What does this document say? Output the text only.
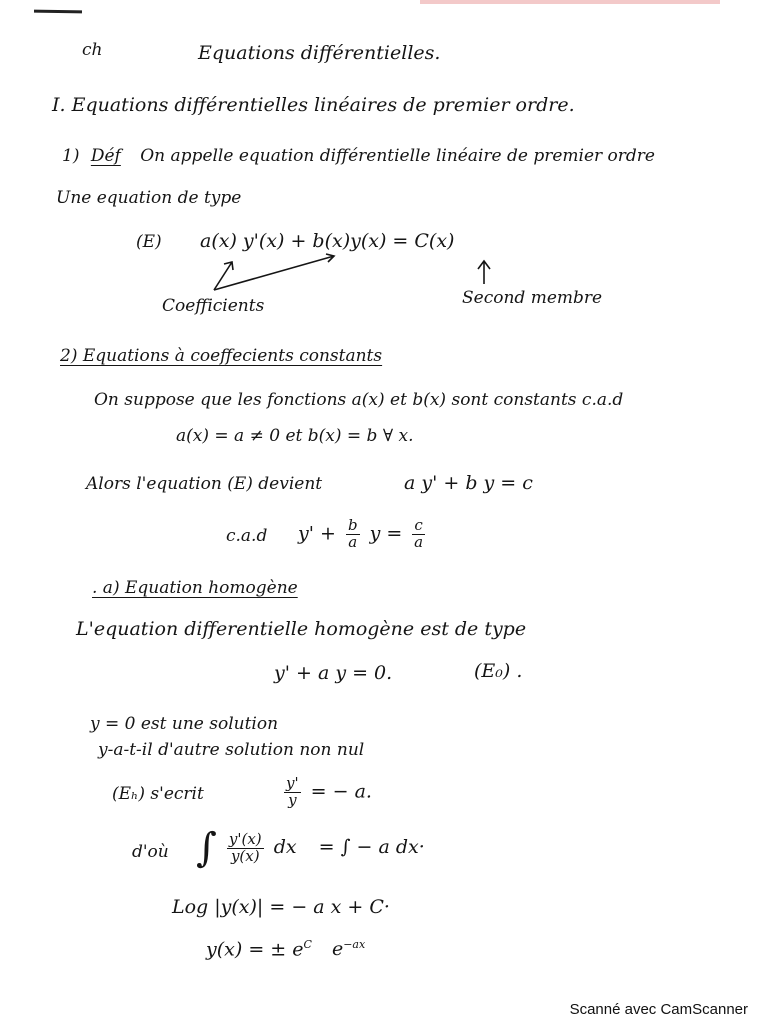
ch	Equations différentielles.
I. Equations différentielles linéaires de premier ordre.
1) Déf On appelle equation différentielle linéaire de premier ordre
Une equation de type
(E) a(x) y'(x) + b(x)y(x) = C(x)
Coefficients	Second membre
2) Equations à coeffecients constants
On suppose que les fonctions a(x) et b(x) sont constants c.a.d
a(x) = a ≠ 0 et b(x) = b ∀ x.
Alors l'equation (E) devient	a y' + b y = c
c.a.d $y' + \frac{b}{a}$ $y = \frac{c}{a}$
. a) Equation homogène
L'equation differentielle homogène est de type
y' + a y = 0.	(E₀) .
y = 0 est une solution
y-a-t-il d'autre solution non nul
(Eₕ) s'ecrit	$\frac{y'}{y}$ = − a.
d'où ∫ $\frac{y'(x)}{y(x)}$ dx = ∫ − a dx·
Log |y(x)| = − a x + C·
y(x) = ± $e^C$ $e^{-ax}$
Scanné avec CamScanner
